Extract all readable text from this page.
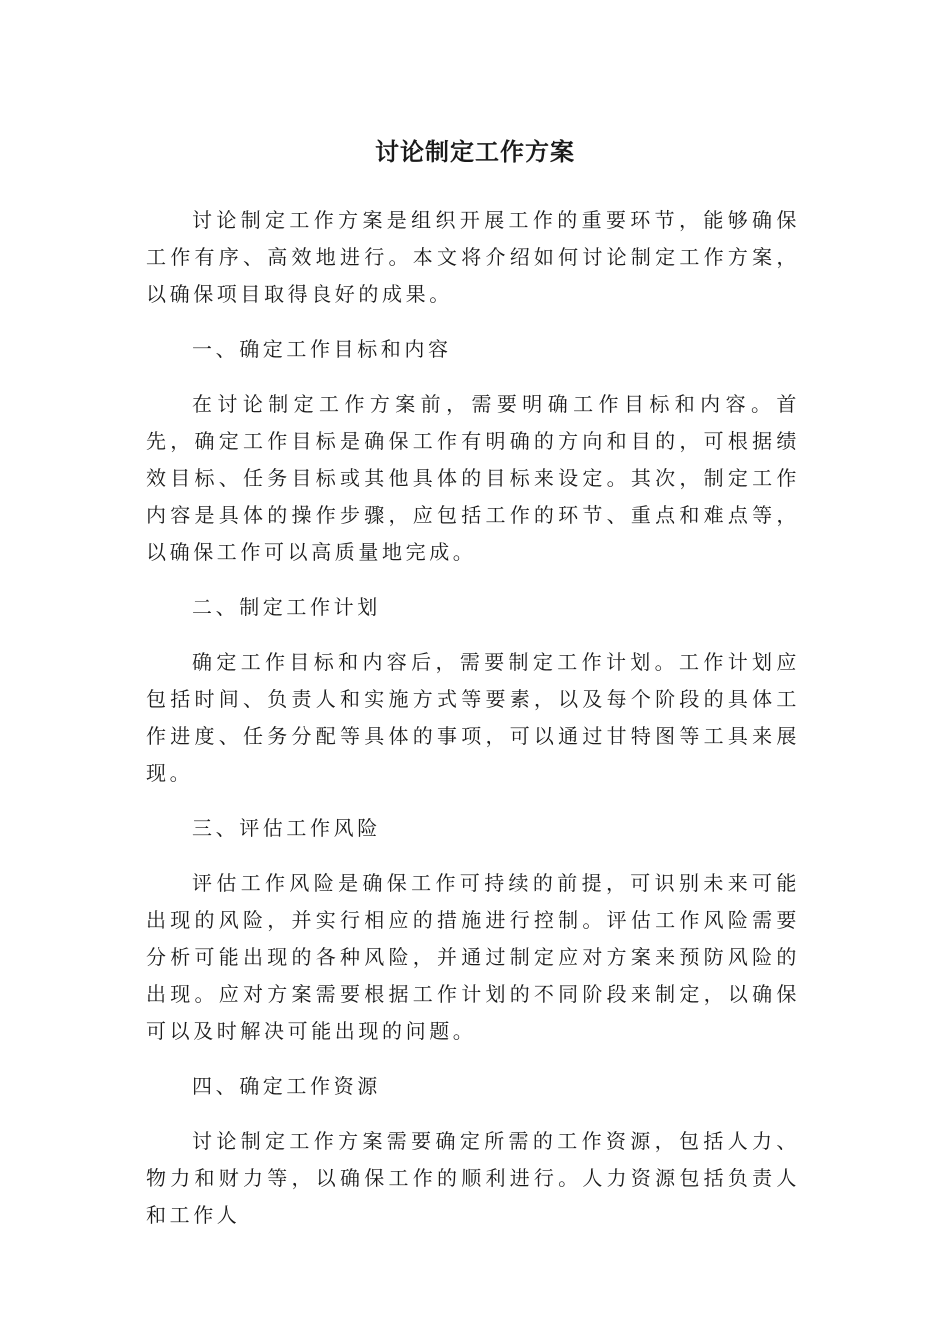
讨论制定工作方案

讨论制定工作方案是组织开展工作的重要环节，能够确保工作有序、高效地进行。本文将介绍如何讨论制定工作方案，以确保项目取得良好的成果。

一、确定工作目标和内容

在讨论制定工作方案前，需要明确工作目标和内容。首先，确定工作目标是确保工作有明确的方向和目的，可根据绩效目标、任务目标或其他具体的目标来设定。其次，制定工作内容是具体的操作步骤，应包括工作的环节、重点和难点等，以确保工作可以高质量地完成。

二、制定工作计划

确定工作目标和内容后，需要制定工作计划。工作计划应包括时间、负责人和实施方式等要素，以及每个阶段的具体工作进度、任务分配等具体的事项，可以通过甘特图等工具来展现。

三、评估工作风险

评估工作风险是确保工作可持续的前提，可识别未来可能出现的风险，并实行相应的措施进行控制。评估工作风险需要分析可能出现的各种风险，并通过制定应对方案来预防风险的出现。应对方案需要根据工作计划的不同阶段来制定，以确保可以及时解决可能出现的问题。

四、确定工作资源

讨论制定工作方案需要确定所需的工作资源，包括人力、物力和财力等，以确保工作的顺利进行。人力资源包括负责人和工作人
